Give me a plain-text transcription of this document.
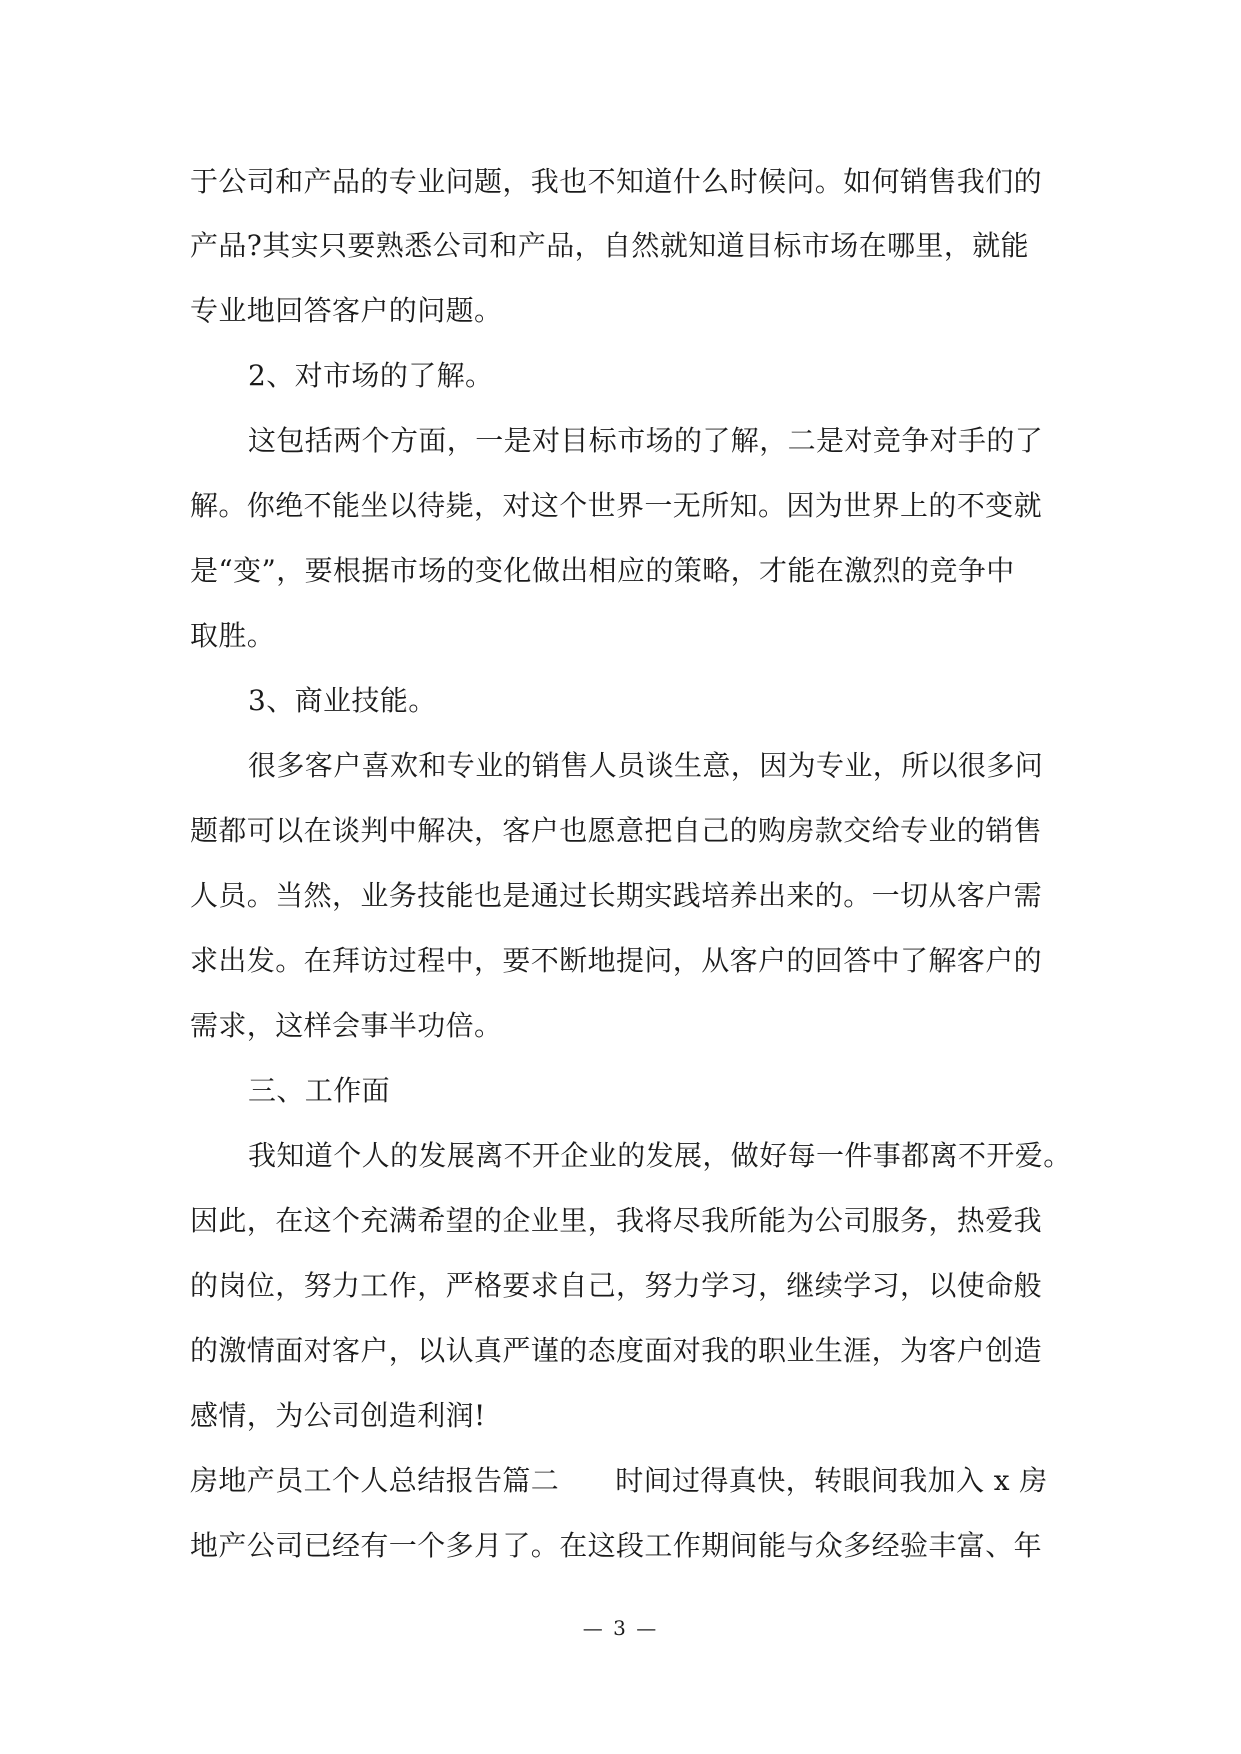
于公司和产品的专业问题，我也不知道什么时候问。如何销售我们的
产品?其实只要熟悉公司和产品，自然就知道目标市场在哪里，就能
专业地回答客户的问题。
2、对市场的了解。
这包括两个方面，一是对目标市场的了解，二是对竞争对手的了
解。你绝不能坐以待毙，对这个世界一无所知。因为世界上的不变就
是“变”，要根据市场的变化做出相应的策略，才能在激烈的竞争中
取胜。
3、商业技能。
很多客户喜欢和专业的销售人员谈生意，因为专业，所以很多问
题都可以在谈判中解决，客户也愿意把自己的购房款交给专业的销售
人员。当然，业务技能也是通过长期实践培养出来的。一切从客户需
求出发。在拜访过程中，要不断地提问，从客户的回答中了解客户的
需求，这样会事半功倍。
三、工作面
我知道个人的发展离不开企业的发展，做好每一件事都离不开爱。
因此，在这个充满希望的企业里，我将尽我所能为公司服务，热爱我
的岗位，努力工作，严格要求自己，努力学习，继续学习，以使命般
的激情面对客户，以认真严谨的态度面对我的职业生涯，为客户创造
感情，为公司创造利润!
房地产员工个人总结报告篇二 时间过得真快，转眼间我加入 x 房
地产公司已经有一个多月了。在这段工作期间能与众多经验丰富、年
— 3 —
